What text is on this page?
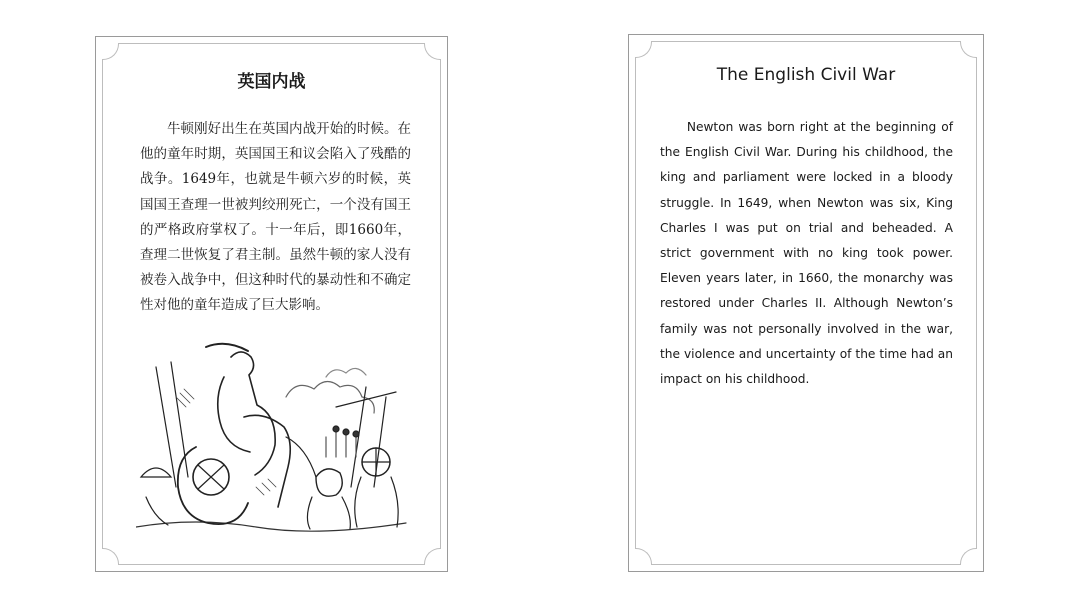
英国内战
牛顿刚好出生在英国内战开始的时候。在他的童年时期，英国国王和议会陷入了残酷的战争。1649年，也就是牛顿六岁的时候，英国国王查理一世被判绞刑死亡，一个没有国王的严格政府掌权了。十一年后，即1660年，查理二世恢复了君主制。虽然牛顿的家人没有被卷入战争中，但这种时代的暴动性和不确定性对他的童年造成了巨大影响。
The English Civil War
Newton was born right at the beginning of the English Civil War. During his childhood, the king and parliament were locked in a bloody struggle. In 1649, when Newton was six, King Charles I was put on trial and beheaded. A strict government with no king took power. Eleven years later, in 1660, the monarchy was restored under Charles II. Although Newton’s family was not personally involved in the war, the violence and uncertainty of the time had an impact on his childhood.
